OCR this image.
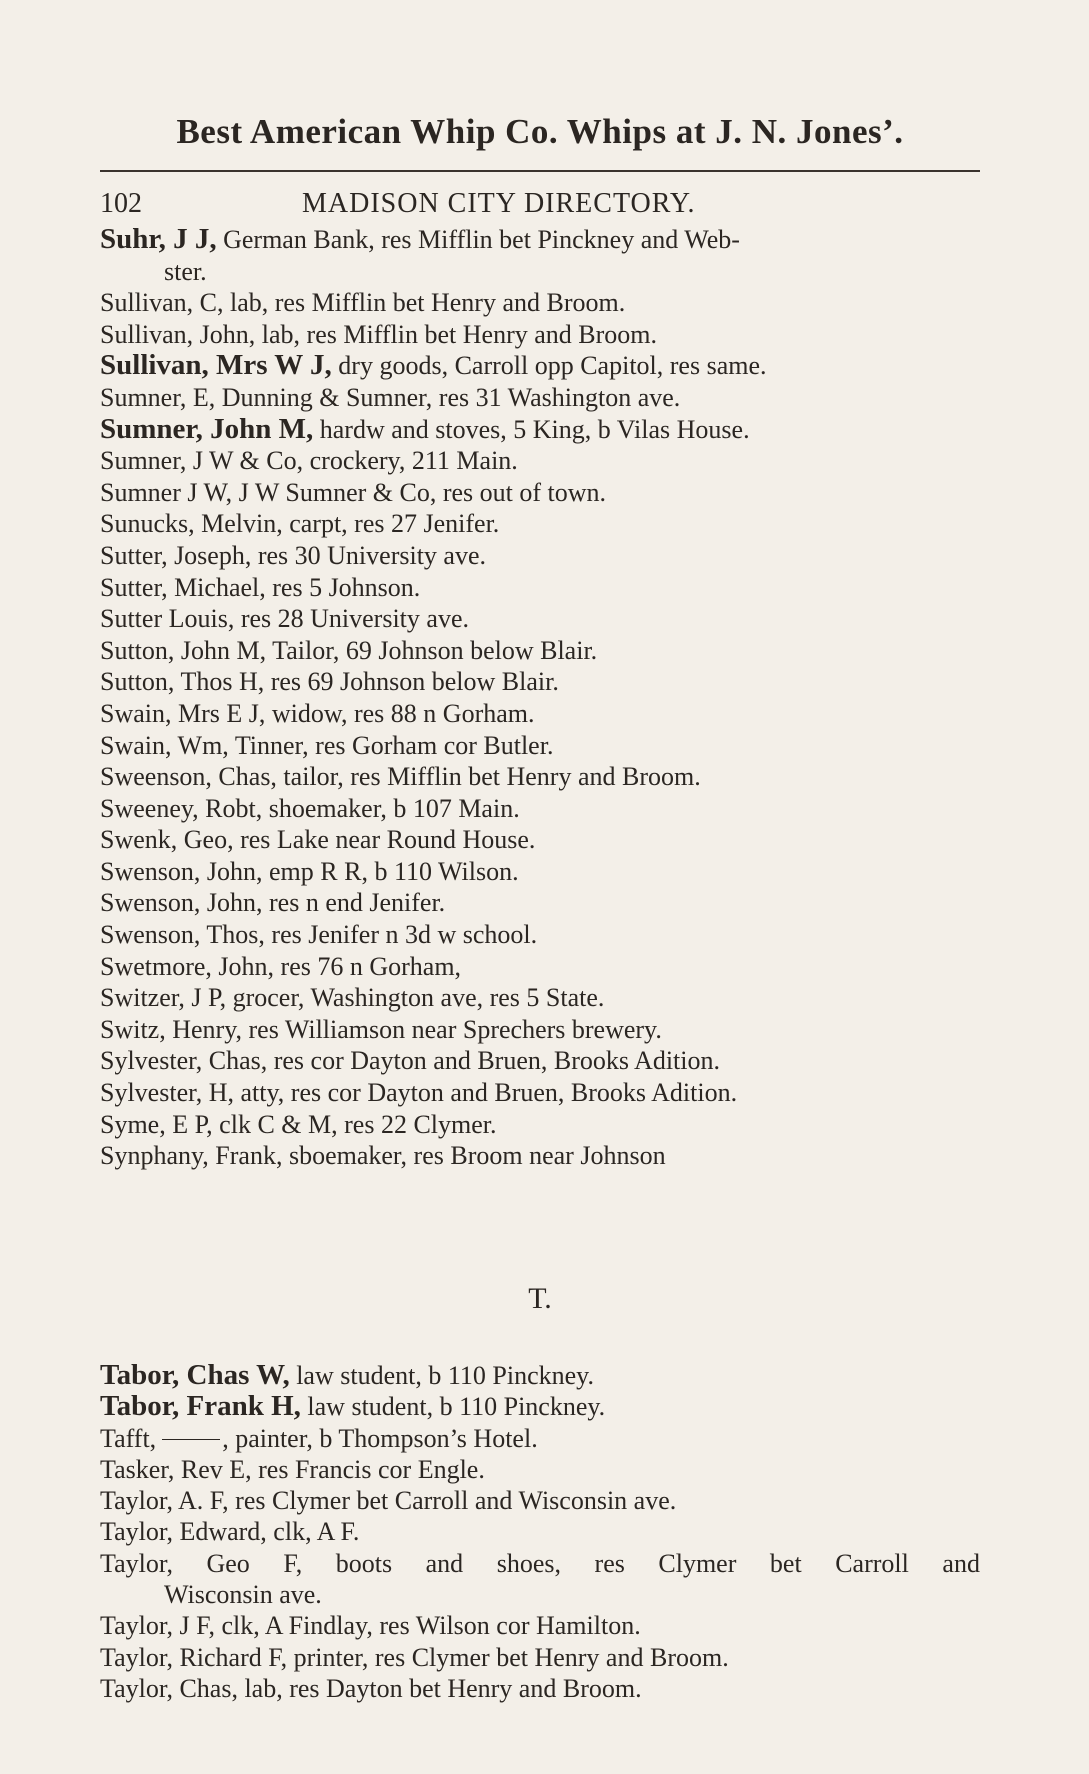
Best American Whip Co. Whips at J. N. Jones’.
102	MADISON CITY DIRECTORY.
Suhr, J J, German Bank, res Mifflin bet Pinckney and Web-
ster.
Sullivan, C, lab, res Mifflin bet Henry and Broom.
Sullivan, John, lab, res Mifflin bet Henry and Broom.
Sullivan, Mrs W J, dry goods, Carroll opp Capitol, res same.
Sumner, E, Dunning & Sumner, res 31 Washington ave.
Sumner, John M, hardw and stoves, 5 King, b Vilas House.
Sumner, J W & Co, crockery, 211 Main.
Sumner J W, J W Sumner & Co, res out of town.
Sunucks, Melvin, carpt, res 27 Jenifer.
Sutter, Joseph, res 30 University ave.
Sutter, Michael, res 5 Johnson.
Sutter Louis, res 28 University ave.
Sutton, John M, Tailor, 69 Johnson below Blair.
Sutton, Thos H, res 69 Johnson below Blair.
Swain, Mrs E J, widow, res 88 n Gorham.
Swain, Wm, Tinner, res Gorham cor Butler.
Sweenson, Chas, tailor, res Mifflin bet Henry and Broom.
Sweeney, Robt, shoemaker, b 107 Main.
Swenk, Geo, res Lake near Round House.
Swenson, John, emp R R, b 110 Wilson.
Swenson, John, res n end Jenifer.
Swenson, Thos, res Jenifer n 3d w school.
Swetmore, John, res 76 n Gorham,
Switzer, J P, grocer, Washington ave, res 5 State.
Switz, Henry, res Williamson near Sprechers brewery.
Sylvester, Chas, res cor Dayton and Bruen, Brooks Adition.
Sylvester, H, atty, res cor Dayton and Bruen, Brooks Adition.
Syme, E P, clk C & M, res 22 Clymer.
Synphany, Frank, sboemaker, res Broom near Johnson
T.
Tabor, Chas W, law student, b 110 Pinckney.
Tabor, Frank H, law student, b 110 Pinckney.
Tafft,	, painter, b Thompson’s Hotel.
Tasker, Rev E, res Francis cor Engle.
Taylor, A. F, res Clymer bet Carroll and Wisconsin ave.
Taylor, Edward, clk, A F.
Taylor, Geo F, boots and shoes, res Clymer bet Carroll and
Wisconsin ave.
Taylor, J F, clk, A Findlay, res Wilson cor Hamilton.
Taylor, Richard F, printer, res Clymer bet Henry and Broom.
Taylor, Chas, lab, res Dayton bet Henry and Broom.
